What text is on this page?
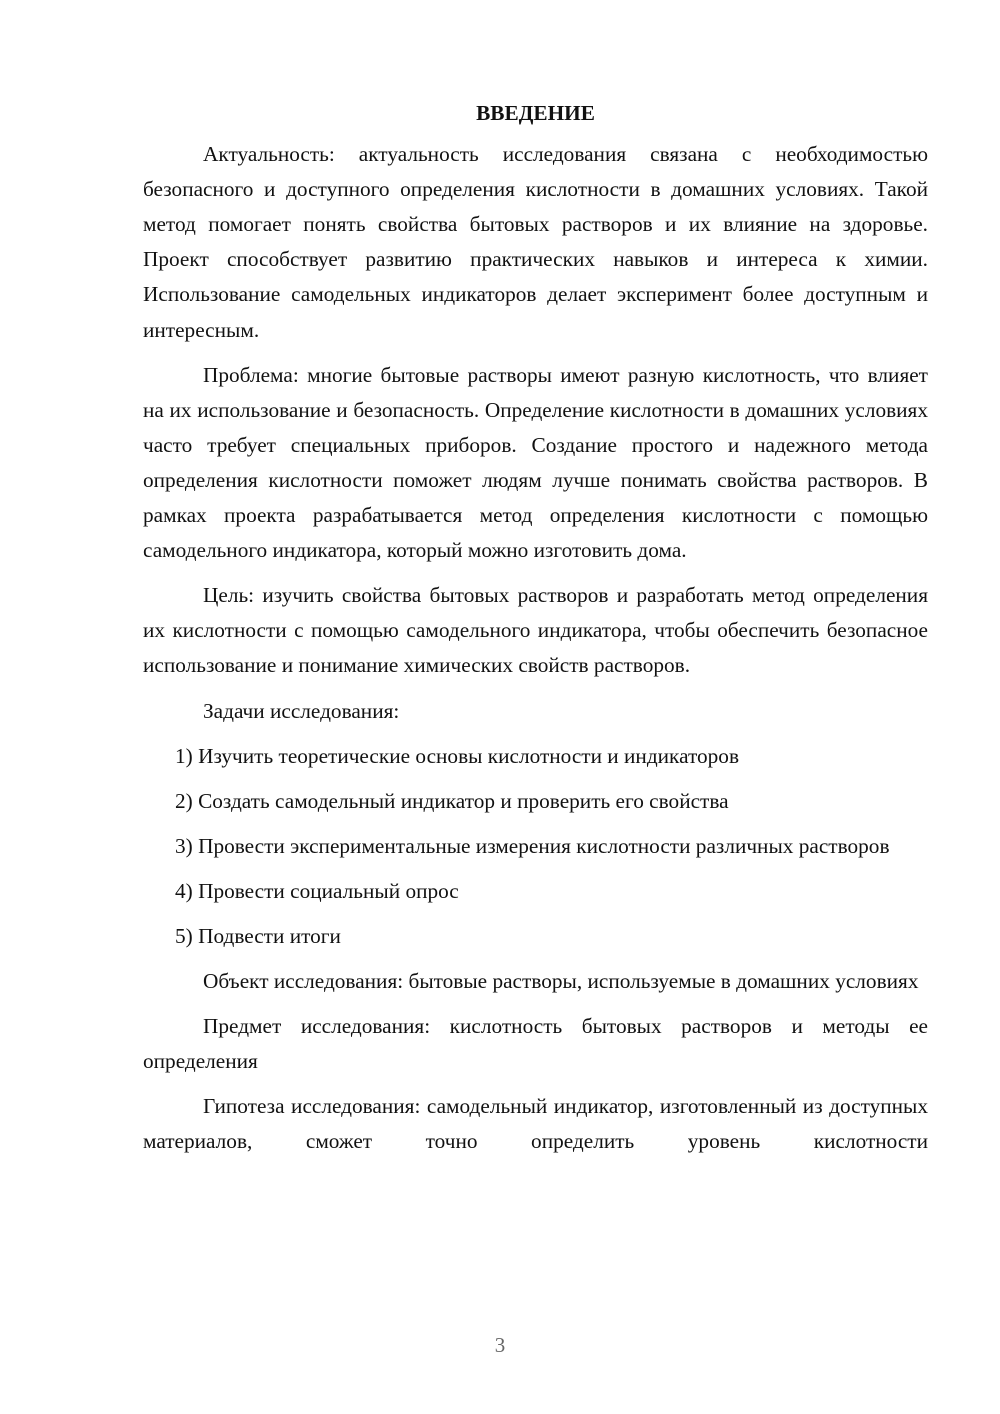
ВВЕДЕНИЕ

Актуальность: актуальность исследования связана с необходимостью безопасного и доступного определения кислотности в домашних условиях. Такой метод помогает понять свойства бытовых растворов и их влияние на здоровье. Проект способствует развитию практических навыков и интереса к химии. Использование самодельных индикаторов делает эксперимент более доступным и интересным.

Проблема: многие бытовые растворы имеют разную кислотность, что влияет на их использование и безопасность. Определение кислотности в домашних условиях часто требует специальных приборов. Создание простого и надежного метода определения кислотности поможет людям лучше понимать свойства растворов. В рамках проекта разрабатывается метод определения кислотности с помощью самодельного индикатора, который можно изготовить дома.

Цель: изучить свойства бытовых растворов и разработать метод определения их кислотности с помощью самодельного индикатора, чтобы обеспечить безопасное использование и понимание химических свойств растворов.

Задачи исследования:

1) Изучить теоретические основы кислотности и индикаторов

2) Создать самодельный индикатор и проверить его свойства

3) Провести экспериментальные измерения кислотности различных растворов

4) Провести социальный опрос

5) Подвести итоги

Объект исследования: бытовые растворы, используемые в домашних условиях

Предмет исследования: кислотность бытовых растворов и методы ее определения

Гипотеза исследования: самодельный индикатор, изготовленный из доступных материалов, сможет точно определить уровень кислотности

3
